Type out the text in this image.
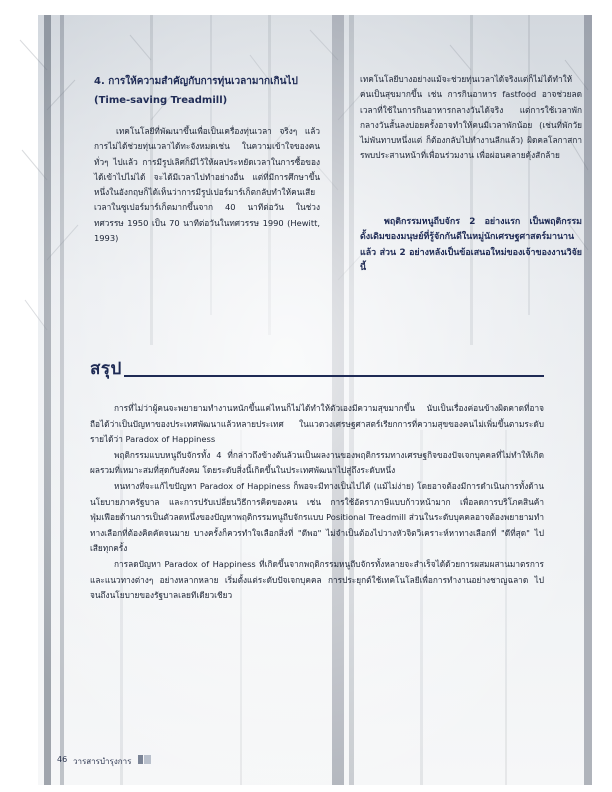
4. การให้ความสำคัญกับการทุ่นเวลามากเกินไป (Time-saving Treadmill)
เทคโนโลยีที่พัฒนาขึ้นเพื่อเป็นเครื่องทุ่นเวลา จริงๆ แล้วการไม่ได้ช่วยทุ่นเวลาได้ทะจังหมดเช่น ในความเข้าใจของคนทั่วๆ ไปแล้ว การมีรูปเลิศก็มีไว้ให้ผลประหยัดเวลาในการซื้อของได้เข้าไปไม่ได้ จะได้มีเวลาไปทำอย่างอื่น แต่ที่มีการศึกษาขึ้นหนึ่งในอังกฤษก็ได้เห็นว่าการมีรูปเปอร์มาร์เก็ตกลับทำให้คนเสียเวลาในซูเปอร์มาร์เก็ตมากขึ้นจาก 40 นาทีต่อวัน ในช่วงทศวรรษ 1950 เป็น 70 นาทีต่อวันในทศวรรษ 1990 (Hewitt, 1993)
เทคโนโลยีบางอย่างแม้จะช่วยทุ่นเวลาได้จริงแต่ก็ไม่ได้ทำให้คนเป็นสุขมากขึ้น เช่น การกินอาหาร fastfood อาจช่วยลดเวลาที่ใช้ในการกินอาหารกลางวันได้จริง แต่การใช้เวลาพักกลางวันสั้นลงบ่อยครั้งอาจทำให้คนมีเวลาพักน้อย (เช่นที่พักวัยไม่พันทาบหนึ่งแต่ ก็ต้องกลับไปทำงานลีกแล้ว) ผิดคลโลกาสการพบประสานหน้าที่เพื่อนร่วมงาน เพื่อผ่อนคลายคุ้งสักล้าย
พฤติกรรมหนูถีบจักร 2 อย่างแรก เป็นพฤติกรรมดั้งเดิมของมนุษย์ที่รู้จักกันดีในหมู่นักเศรษฐศาสตร์มานานแล้ว ส่วน 2 อย่างหลังเป็นข้อเสนอใหม่ของเจ้าของงานวิจัยนี้
สรุป

การที่ไม่ว่าผู้คนจะพยายามทำงานหนักขึ้นแค่ไหนก็ไม่ได้ทำให้ตัวเองมีความสุขมากขึ้น นับเป็นเรื่องค่อนข้างผิดคาดที่อาจถือได้ว่าเป็นปัญหาของประเทศพัฒนาแล้วหลายประเทศ ในแวดวงเศรษฐศาสตร์เรียกการที่ความสุขของคนไม่เพิ่มขึ้นตามระดับรายได้ว่า Paradox of Happiness

พฤติกรรมแบบหนูถีบจักรทั้ง 4 ที่กล่าวถึงข้างต้นล้วนเป็นผลงานของพฤติกรรมทางเศรษฐกิจของปัจเจกบุคคลที่ไม่ทำให้เกิดผลรวมที่เหมาะสมที่สุดกับสังคม โดยระดับสิ่งนี้เกิดขึ้นในประเทศพัฒนาไปสู่ถึงระดับหนึ่ง

หนทางที่จะแก้ไขปัญหา Paradox of Happiness ก็พอจะมีทางเป็นไปได้ (แม้ไม่ง่าย) โดยอาจต้องมีการดำเนินการทั้งด้านนโยบายภาครัฐบาล และการปรับเปลี่ยนวิธีการคิดของคน เช่น การใช้อัตราภาษีแบบก้าวหน้ามาก เพื่อลดการบริโภคสินค้าฟุ่มเฟือยด้านการเป็นตัวลดหนึ่งของปัญหาพฤติกรรมหนูถีบจักรแบบ Positional Treadmill ส่วนในระดับบุคคลอาจต้องพยายามทำทางเลือกที่ต้องคิดคัดจนมาย บางครั้งก็ควรทำใจเลือกสิ่งที่ "ดีพอ" ไม่จำเป็นต้องไปวางหัวจิตวิเคราะห์หาทางเลือกที่ "ดีที่สุด" ไปเสียทุกครั้ง

การลดปัญหา Paradox of Happiness ที่เกิดขึ้นจากพฤติกรรมหนูถีบจักรทั้งหลายจะสำเร็จได้ด้วยการผสมผสานมาตรการและแนวทางต่างๆ อย่างหลากหลาย เริ่มตั้งแต่ระดับปัจเจกบุคคล การประยุกต์ใช้เทคโนโลยีเพื่อการทำงานอย่างชาญฉลาด ไปจนถึงนโยบายของรัฐบาลเลยทีเดียวเชียว

46 วารสารบำรุงการ
